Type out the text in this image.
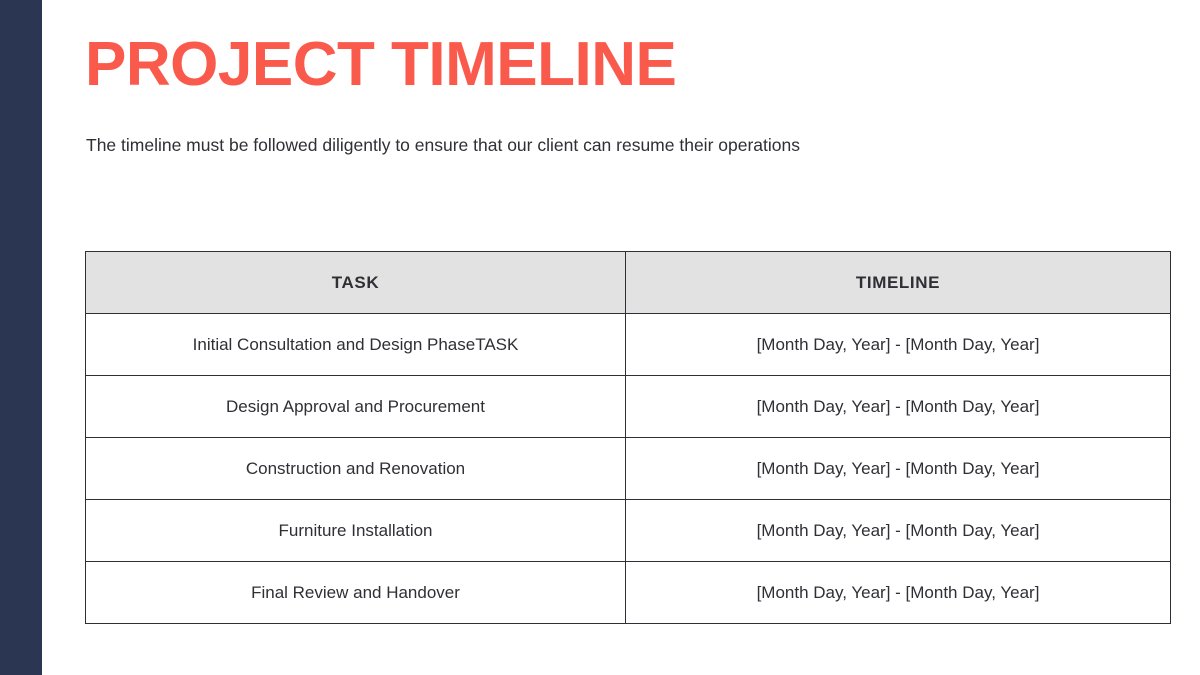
PROJECT TIMELINE
The timeline must be followed diligently to ensure that our client can resume their operations
TASK	TIMELINE
Initial Consultation and Design PhaseTASK	[Month Day, Year] - [Month Day, Year]
Design Approval and Procurement	[Month Day, Year] - [Month Day, Year]
Construction and Renovation	[Month Day, Year] - [Month Day, Year]
Furniture Installation	[Month Day, Year] - [Month Day, Year]
Final Review and Handover	[Month Day, Year] - [Month Day, Year]
